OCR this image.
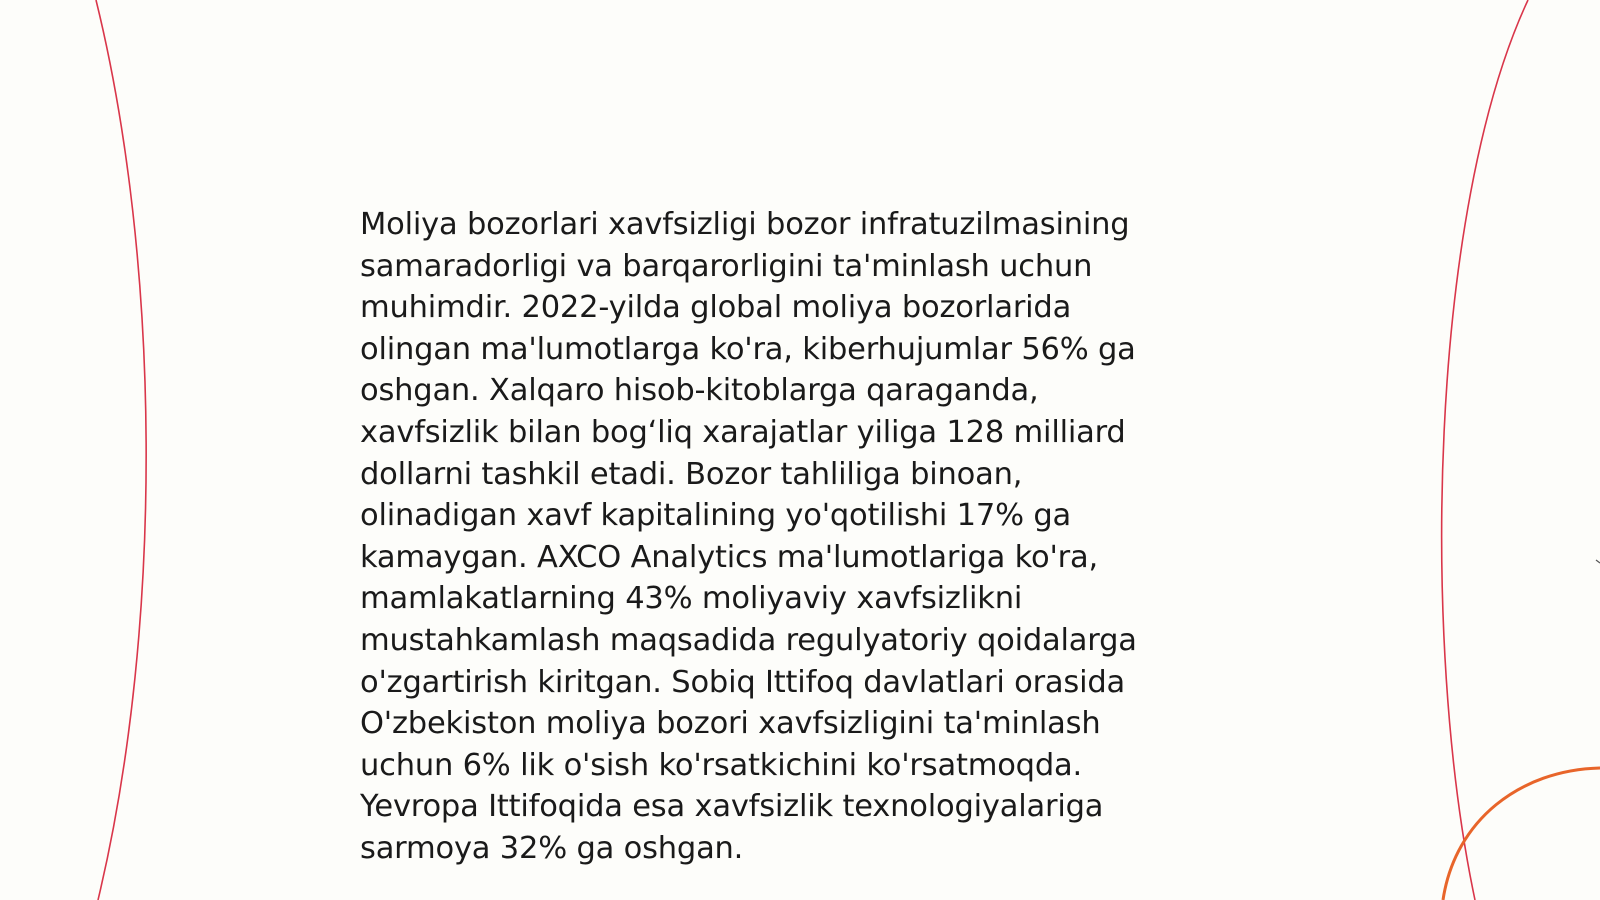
Moliya bozorlari xavfsizligi bozor infratuzilmasining
samaradorligi va barqarorligini ta'minlash uchun
muhimdir. 2022-yilda global moliya bozorlarida
olingan ma'lumotlarga ko'ra, kiberhujumlar 56% ga
oshgan. Xalqaro hisob-kitoblarga qaraganda,
xavfsizlik bilan bog‘liq xarajatlar yiliga 128 milliard
dollarni tashkil etadi. Bozor tahliliga binoan,
olinadigan xavf kapitalining yo'qotilishi 17% ga
kamaygan. AXCO Analytics ma'lumotlariga ko'ra,
mamlakatlarning 43% moliyaviy xavfsizlikni
mustahkamlash maqsadida regulyatoriy qoidalarga
o'zgartirish kiritgan. Sobiq Ittifoq davlatlari orasida
O'zbekiston moliya bozori xavfsizligini ta'minlash
uchun 6% lik o'sish ko'rsatkichini ko'rsatmoqda.
Yevropa Ittifoqida esa xavfsizlik texnologiyalariga
sarmoya 32% ga oshgan.
